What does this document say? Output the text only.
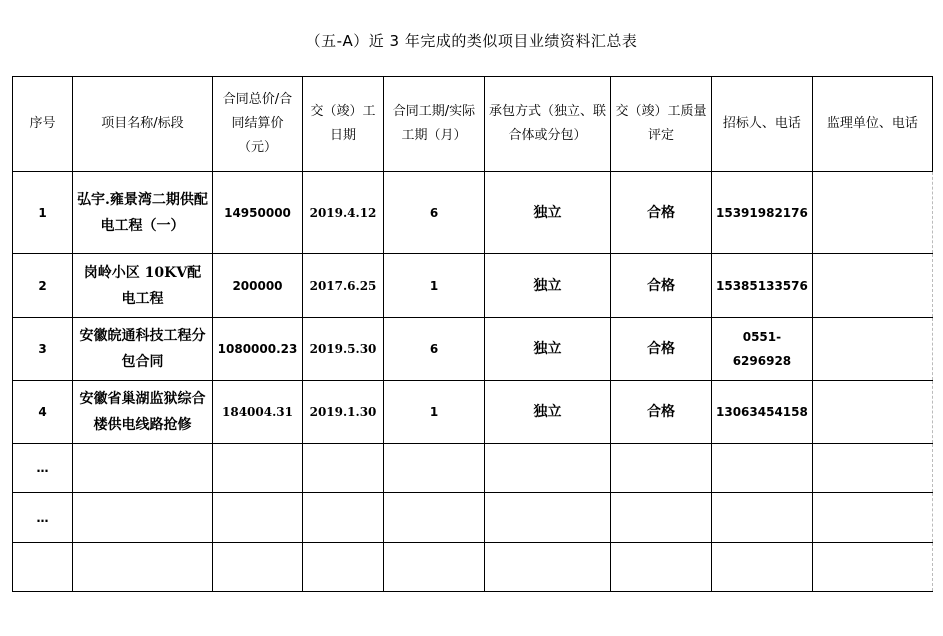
（五-A）近 3 年完成的类似项目业绩资料汇总表
序号	项目名称/标段	合同总价/合同结算价（元）	交（竣）工日期	合同工期/实际工期（月）	承包方式（独立、联合体或分包）	交（竣）工质量评定	招标人、电话	监理单位、电话
1	弘宇.雍景湾二期供配电工程（一）	14950000	2019.4.12	6	独立	合格	15391982176	
2	岗岭小区 10KV配电工程	200000	2017.6.25	1	独立	合格	15385133576	
3	安徽皖通科技工程分包合同	1080000.23	2019.5.30	6	独立	合格	0551-6296928	
4	安徽省巢湖监狱综合楼供电线路抢修	184004.31	2019.1.30	1	独立	合格	13063454158	
…								
…								
